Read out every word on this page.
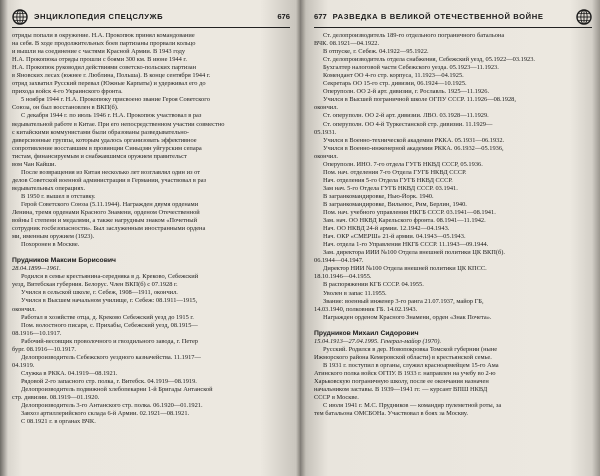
ЭНЦИКЛОПЕДИЯ СПЕЦСЛУЖБ	676
отряды попали в окружение. Н.А. Прокопюк принял командование
на себя. В ходе продолжительных боев партизаны прорвали кольцо
и вышли на соединение с частями Красной Армии. В 1943 году
Н.А. Прокопюка отряды прошли с боями 300 км. В июне 1944 г.
Н.А. Прокопюк руководил действиями советско-польских партизан
в Яновских лесах (южнее г. Люблина, Польша). В конце сентября 1944 г.
отряд захватил Русский перевал (Южные Карпаты) и удерживал его до
прихода войск 4-го Украинского фронта.
5 ноября 1944 г. Н.А. Прокопюку присвоено звание Героя Советского
Союза, он был восстановлен в ВКП(б).
С декабря 1944 г. по июль 1946 г. Н.А. Прокопюк участвовал в раз
ведывательной работе в Китае. При его непосредственном участии совместно
с китайскими коммунистами были образованы разведывательно-
диверсионные группы, которым удалось организовать эффективное
сопротивление восставшим в провинции Синьцзян уйгурским сепара
тистам, финансируемым и снабжавшимся оружием правительст
вом Чан Кайши.
После возвращения из Китая несколько лет возглавлял один из от
делов Советской военной администрации в Германии, участвовал в раз
ведывательных операциях.
В 1950 г. вышел в отставку.
Герой Советского Союза (5.11.1944). Награжден двумя орденами
Ленина, тремя орденами Красного Знамени, орденом Отечественной
войны I степени и медалями, а также нагрудным знаком «Почетный
сотрудник госбезопасности». Был заслуженным иностранными ордена
ми, именным оружием (1923).
Похоронен в Москве.
Прудников Максим Борисович
28.04.1899—1961.
Родился в семье крестьянина-середняка в д. Креково, Себежский
уезд, Витебская губерния. Белорус. Член ВКП(б) с 07.1928 г.
Учился в сельской школе, г. Себеж, 1908—1911, окончил.
Учился в Высшем начальном училище, г. Себеж: 08.1911—1915,
окончил.
Работал в хозяйстве отца, д. Креково Себежский уезд до 1915 г.
Пом. волостного писаря, с. Прихабы, Себежский уезд, 08.1915—
08.1916—10.1917.
Рабочий-весовщик проволочного и гвоздильного завода, г. Петер
бург. 08.1916—10.1917.
Делопроизводитель Себежского уездного казначейства. 11.1917—
04.1919.
Служка в РККА. 04.1919—08.1921.
Рядовой 2-го запасного стр. полка, г. Витебск. 04.1919—08.1919.
Делопроизводитель подвижной хлебопекарни 1-й Бригады Антанской
стр. дивизии. 08.1919—01.1920.
Делопроизводитель 3-го Антанского стр. полка. 06.1920—01.1921.
Завхоз артиллерийского склада 6-й Армии. 02.1921—08.1921.
С 08.1921 г. в органах ВЧК.
677 РАЗВЕДКА В ВЕЛИКОЙ ОТЕЧЕСТВЕННОЙ ВОЙНЕ
Ст. делопроизводитель 189-го отдельного пограничного батальона
ВЧК. 08.1921—04.1922.
В отпуске, г. Себеж. 04.1922—95.1922.
Ст. делопроизводитель отдела снабжения, Себежский уезд, 05.1922—03.1923.
Бухгалтер налоговой части Себежского уезда. 05.1923—11.1923.
Комендант ОО 4-го стр. корпуса, 11.1923—04.1925.
Секретарь ОО 15-го стр. дивизии, 06.1924—10.1925.
Оперуполн. ОО 2-й арт. дивизии, г. Рославль. 1925—11.1926.
Учился в Высшей пограничной школе ОГПУ СССР. 11.1926—08.1928,
окончил.
Ст. оперуполн. ОО 2-й арт. дивизии. ЛВО. 03.1928—11.1929.
Ст. оперуполн. ОО 4-й Туркестанской стр. дивизии. 11.1929—
05.1931.
Учился в Военно-технической академии РККА. 05.1931—06.1932.
Учился в Военно-инженерной академии РККА. 06.1932—05.1936,
окончил.
Оперуполн. ИНО. 7-го отдела ГУГБ НКВД СССР, 05.1936.
Пом. нач. отделения 7-го Отдела ГУГБ НКВД СССР.
Нач. отделения 5-го Отдела ГУГБ НКВД СССР.
Зам нач. 5-го Отдела ГУГБ НКВД СССР. 03.1941.
В загранкомандировке, Нью-Йорк. 1940.
В загранкомандировке, Вильнюс, Рим, Берлин, 1940.
Пом. нач. учебного управления НКГБ СССР. 03.1941—08.1941.
Зам. нач. ОО НКВД Карельского фронта. 08.1941—11.1942.
Нач. ОО НКВД 24-й армии. 12.1942—04.1943.
Нач. ОКР «СМЕРШ» 21-й армии. 04.1943—05.1943.
Нач. отдела 1-го Управления НКГБ СССР. 11.1943—09.1944.
Зам. директора ИИИ №100 Отдела внешней политики ЦК ВКП(б).
06.1944—04.1947.
Директор НИИ №100 Отдела внешней политики ЦК КПСС.
18.10.1946—04.1955.
В распоряжении КГБ СССР. 04.1955.
Уволен в запас 11.1955.
Звание: военный инженер 3-го ранга 21.07.1937, майор ГБ,
14.03.1940, полковник ГБ. 14.02.1943.
Награжден орденом Красного Знамени, орден «Знак Почета».
Прудников Михаил Сидорович
15.04.1913—27.04.1995. Генерал-майор (1970).
Русский. Родился в дер. Новопокровка Томской губернии (ныне
Ижморского района Кемеровской области) в крестьянской семье.
В 1931 г. поступил в органы, служил красноармейцем 15-го Ама
Атинского полка войск ОГПУ. В 1933 г. направлен на учебу во 2-ю
Харьковскую пограничную школу, после ее окончания назначен
начальником заставы. В 1939—1941 гг. — курсант ВПШ НКВД
СССР в Москве.
С июля 1941 г. М.С. Прудников — командир пулеметной роты, за
тем батальона ОМСБОНа. Участвовал в боях за Москву.
